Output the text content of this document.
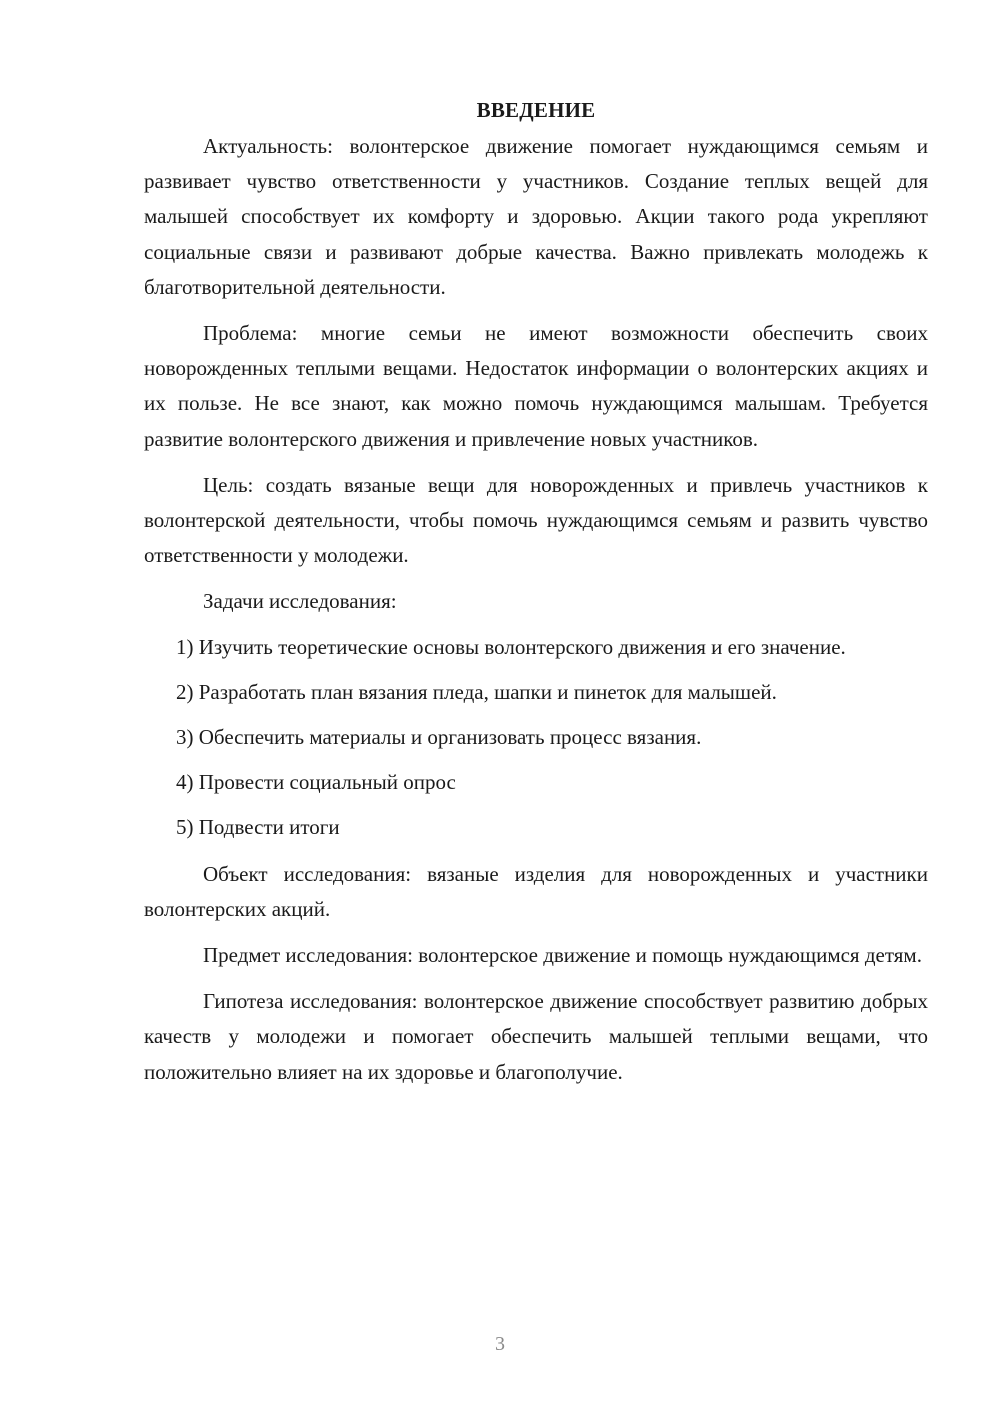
ВВЕДЕНИЕ

Актуальность: волонтерское движение помогает нуждающимся семьям и развивает чувство ответственности у участников. Создание теплых вещей для малышей способствует их комфорту и здоровью. Акции такого рода укрепляют социальные связи и развивают добрые качества. Важно привлекать молодежь к благотворительной деятельности.

Проблема: многие семьи не имеют возможности обеспечить своих новорожденных теплыми вещами. Недостаток информации о волонтерских акциях и их пользе. Не все знают, как можно помочь нуждающимся малышам. Требуется развитие волонтерского движения и привлечение новых участников.

Цель: создать вязаные вещи для новорожденных и привлечь участников к волонтерской деятельности, чтобы помочь нуждающимся семьям и развить чувство ответственности у молодежи.

Задачи исследования:

1) Изучить теоретические основы волонтерского движения и его значение.

2) Разработать план вязания пледа, шапки и пинеток для малышей.

3) Обеспечить материалы и организовать процесс вязания.

4) Провести социальный опрос

5) Подвести итоги

Объект исследования: вязаные изделия для новорожденных и участники волонтерских акций.

Предмет исследования: волонтерское движение и помощь нуждающимся детям.

Гипотеза исследования: волонтерское движение способствует развитию добрых качеств у молодежи и помогает обеспечить малышей теплыми вещами, что положительно влияет на их здоровье и благополучие.

3
